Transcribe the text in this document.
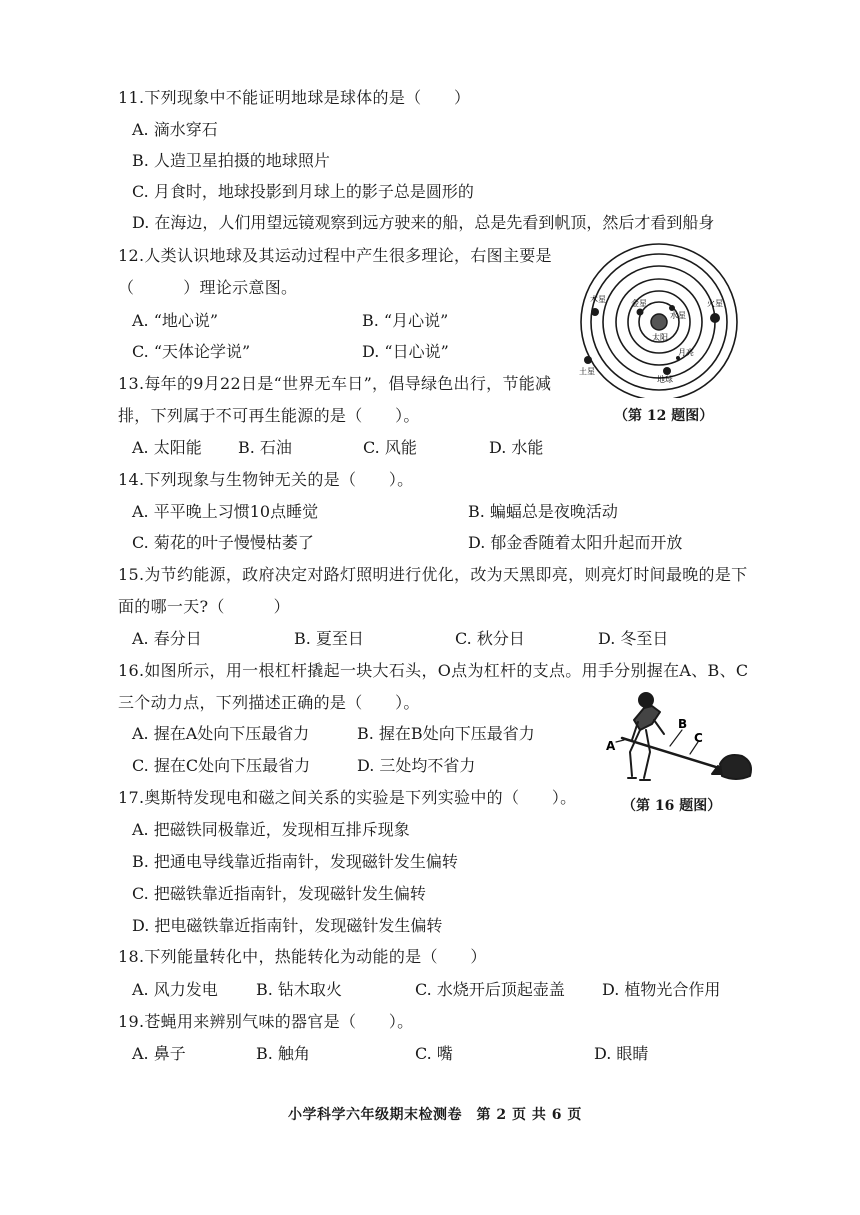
11.下列现象中不能证明地球是球体的是（　　）
A. 滴水穿石
B. 人造卫星拍摄的地球照片
C. 月食时，地球投影到月球上的影子总是圆形的
D. 在海边，人们用望远镜观察到远方驶来的船，总是先看到帆顶，然后才看到船身
12.人类认识地球及其运动过程中产生很多理论，右图主要是
（　　　）理论示意图。
A. “地心说”	B. “月心说”
C. “天体论学说”	D. “日心说”
太阳
水星
金星
地球
月亮
火星
木星
土星
13.每年的9月22日是“世界无车日”，倡导绿色出行，节能减
（第 12 题图）
排，下列属于不可再生能源的是（　　）。
A. 太阳能 B. 石油	C. 风能	D. 水能
14.下列现象与生物钟无关的是（　　）。
A. 平平晚上习惯10点睡觉	B. 蝙蝠总是夜晚活动
C. 菊花的叶子慢慢枯萎了	D. 郁金香随着太阳升起而开放
15.为节约能源，政府决定对路灯照明进行优化，改为天黑即亮，则亮灯时间最晚的是下
面的哪一天?（　　　）
A. 春分日	B. 夏至日	C. 秋分日	D. 冬至日
16.如图所示，用一根杠杆撬起一块大石头，O点为杠杆的支点。用手分别握在A、B、C
三个动力点，下列描述正确的是（　　）。
A. 握在A处向下压最省力	B. 握在B处向下压最省力
C. 握在C处向下压最省力	D. 三处均不省力
A
B
C
17.奥斯特发现电和磁之间关系的实验是下列实验中的（　　）。	（第 16 题图）
A. 把磁铁同极靠近，发现相互排斥现象
B. 把通电导线靠近指南针，发现磁针发生偏转
C. 把磁铁靠近指南针，发现磁针发生偏转
D. 把电磁铁靠近指南针，发现磁针发生偏转
18.下列能量转化中，热能转化为动能的是（　　）
A. 风力发电 B. 钻木取火	C. 水烧开后顶起壶盖 D. 植物光合作用
19.苍蝇用来辨别气味的器官是（　　）。
A. 鼻子	B. 触角	C. 嘴	D. 眼睛
小学科学六年级期末检测卷　第 2 页 共 6 页
